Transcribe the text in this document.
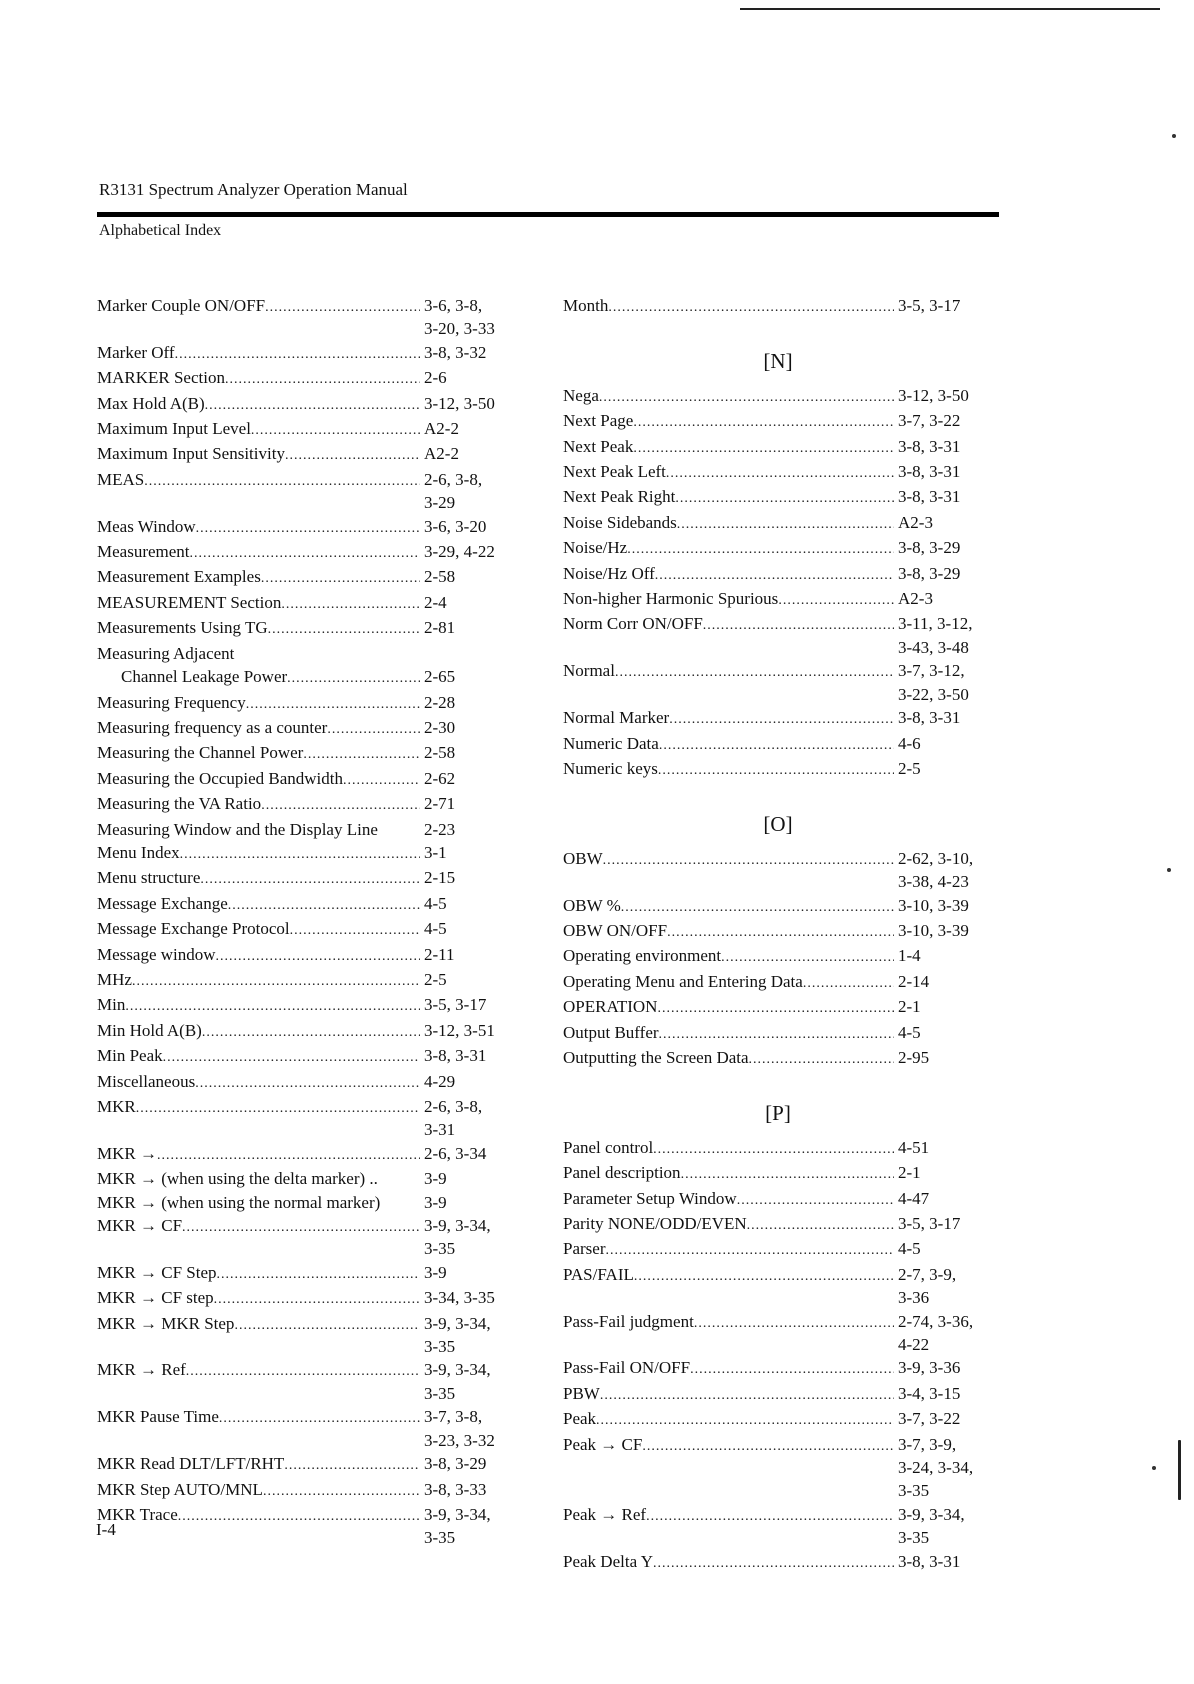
R3131 Spectrum Analyzer Operation Manual
Alphabetical Index
Marker Couple ON/OFF .....	3-6, 3-8,
3-20, 3-33
Marker Off .....	3-8, 3-32
MARKER Section .....	2-6
Max Hold A(B) .....	3-12, 3-50
Maximum Input Level .....	A2-2
Maximum Input Sensitivity .....	A2-2
MEAS .....	2-6, 3-8,
3-29
Meas Window .....	3-6, 3-20
Measurement .....	3-29, 4-22
Measurement Examples .....	2-58
MEASUREMENT Section .....	2-4
Measurements Using TG .....	2-81
Measuring Adjacent
Channel Leakage Power .....	2-65
Measuring Frequency .....	2-28
Measuring frequency as a counter .....	2-30
Measuring the Channel Power .....	2-58
Measuring the Occupied Bandwidth .....	2-62
Measuring the VA Ratio .....	2-71
Measuring Window and the Display Line	2-23
Menu Index .....	3-1
Menu structure .....	2-15
Message Exchange .....	4-5
Message Exchange Protocol .....	4-5
Message window .....	2-11
MHz .....	2-5
Min .....	3-5, 3-17
Min Hold A(B) .....	3-12, 3-51
Min Peak .....	3-8, 3-31
Miscellaneous .....	4-29
MKR .....	2-6, 3-8,
3-31
MKR → .....	2-6, 3-34
MKR → (when using the delta marker) ..	3-9
MKR → (when using the normal marker)	3-9
MKR → CF .....	3-9, 3-34,
3-35
MKR → CF Step .....	3-9
MKR → CF step .....	3-34, 3-35
MKR → MKR Step .....	3-9, 3-34,
3-35
MKR → Ref .....	3-9, 3-34,
3-35
MKR Pause Time .....	3-7, 3-8,
3-23, 3-32
MKR Read DLT/LFT/RHT .....	3-8, 3-29
MKR Step AUTO/MNL .....	3-8, 3-33
MKR Trace .....	3-9, 3-34,
3-35
Month .....	3-5, 3-17
[N]
Nega .....	3-12, 3-50
Next Page .....	3-7, 3-22
Next Peak .....	3-8, 3-31
Next Peak Left .....	3-8, 3-31
Next Peak Right .....	3-8, 3-31
Noise Sidebands .....	A2-3
Noise/Hz .....	3-8, 3-29
Noise/Hz Off .....	3-8, 3-29
Non-higher Harmonic Spurious .....	A2-3
Norm Corr ON/OFF .....	3-11, 3-12,
3-43, 3-48
Normal .....	3-7, 3-12,
3-22, 3-50
Normal Marker .....	3-8, 3-31
Numeric Data .....	4-6
Numeric keys .....	2-5
[O]
OBW .....	2-62, 3-10,
3-38, 4-23
OBW % .....	3-10, 3-39
OBW ON/OFF .....	3-10, 3-39
Operating environment .....	1-4
Operating Menu and Entering Data .....	2-14
OPERATION .....	2-1
Output Buffer .....	4-5
Outputting the Screen Data .....	2-95
[P]
Panel control .....	4-51
Panel description .....	2-1
Parameter Setup Window .....	4-47
Parity NONE/ODD/EVEN .....	3-5, 3-17
Parser .....	4-5
PAS/FAIL .....	2-7, 3-9,
3-36
Pass-Fail judgment .....	2-74, 3-36,
4-22
Pass-Fail ON/OFF .....	3-9, 3-36
PBW .....	3-4, 3-15
Peak .....	3-7, 3-22
Peak → CF .....	3-7, 3-9,
3-24, 3-34,
3-35
Peak → Ref .....	3-9, 3-34,
3-35
Peak Delta Y .....	3-8, 3-31
I-4
